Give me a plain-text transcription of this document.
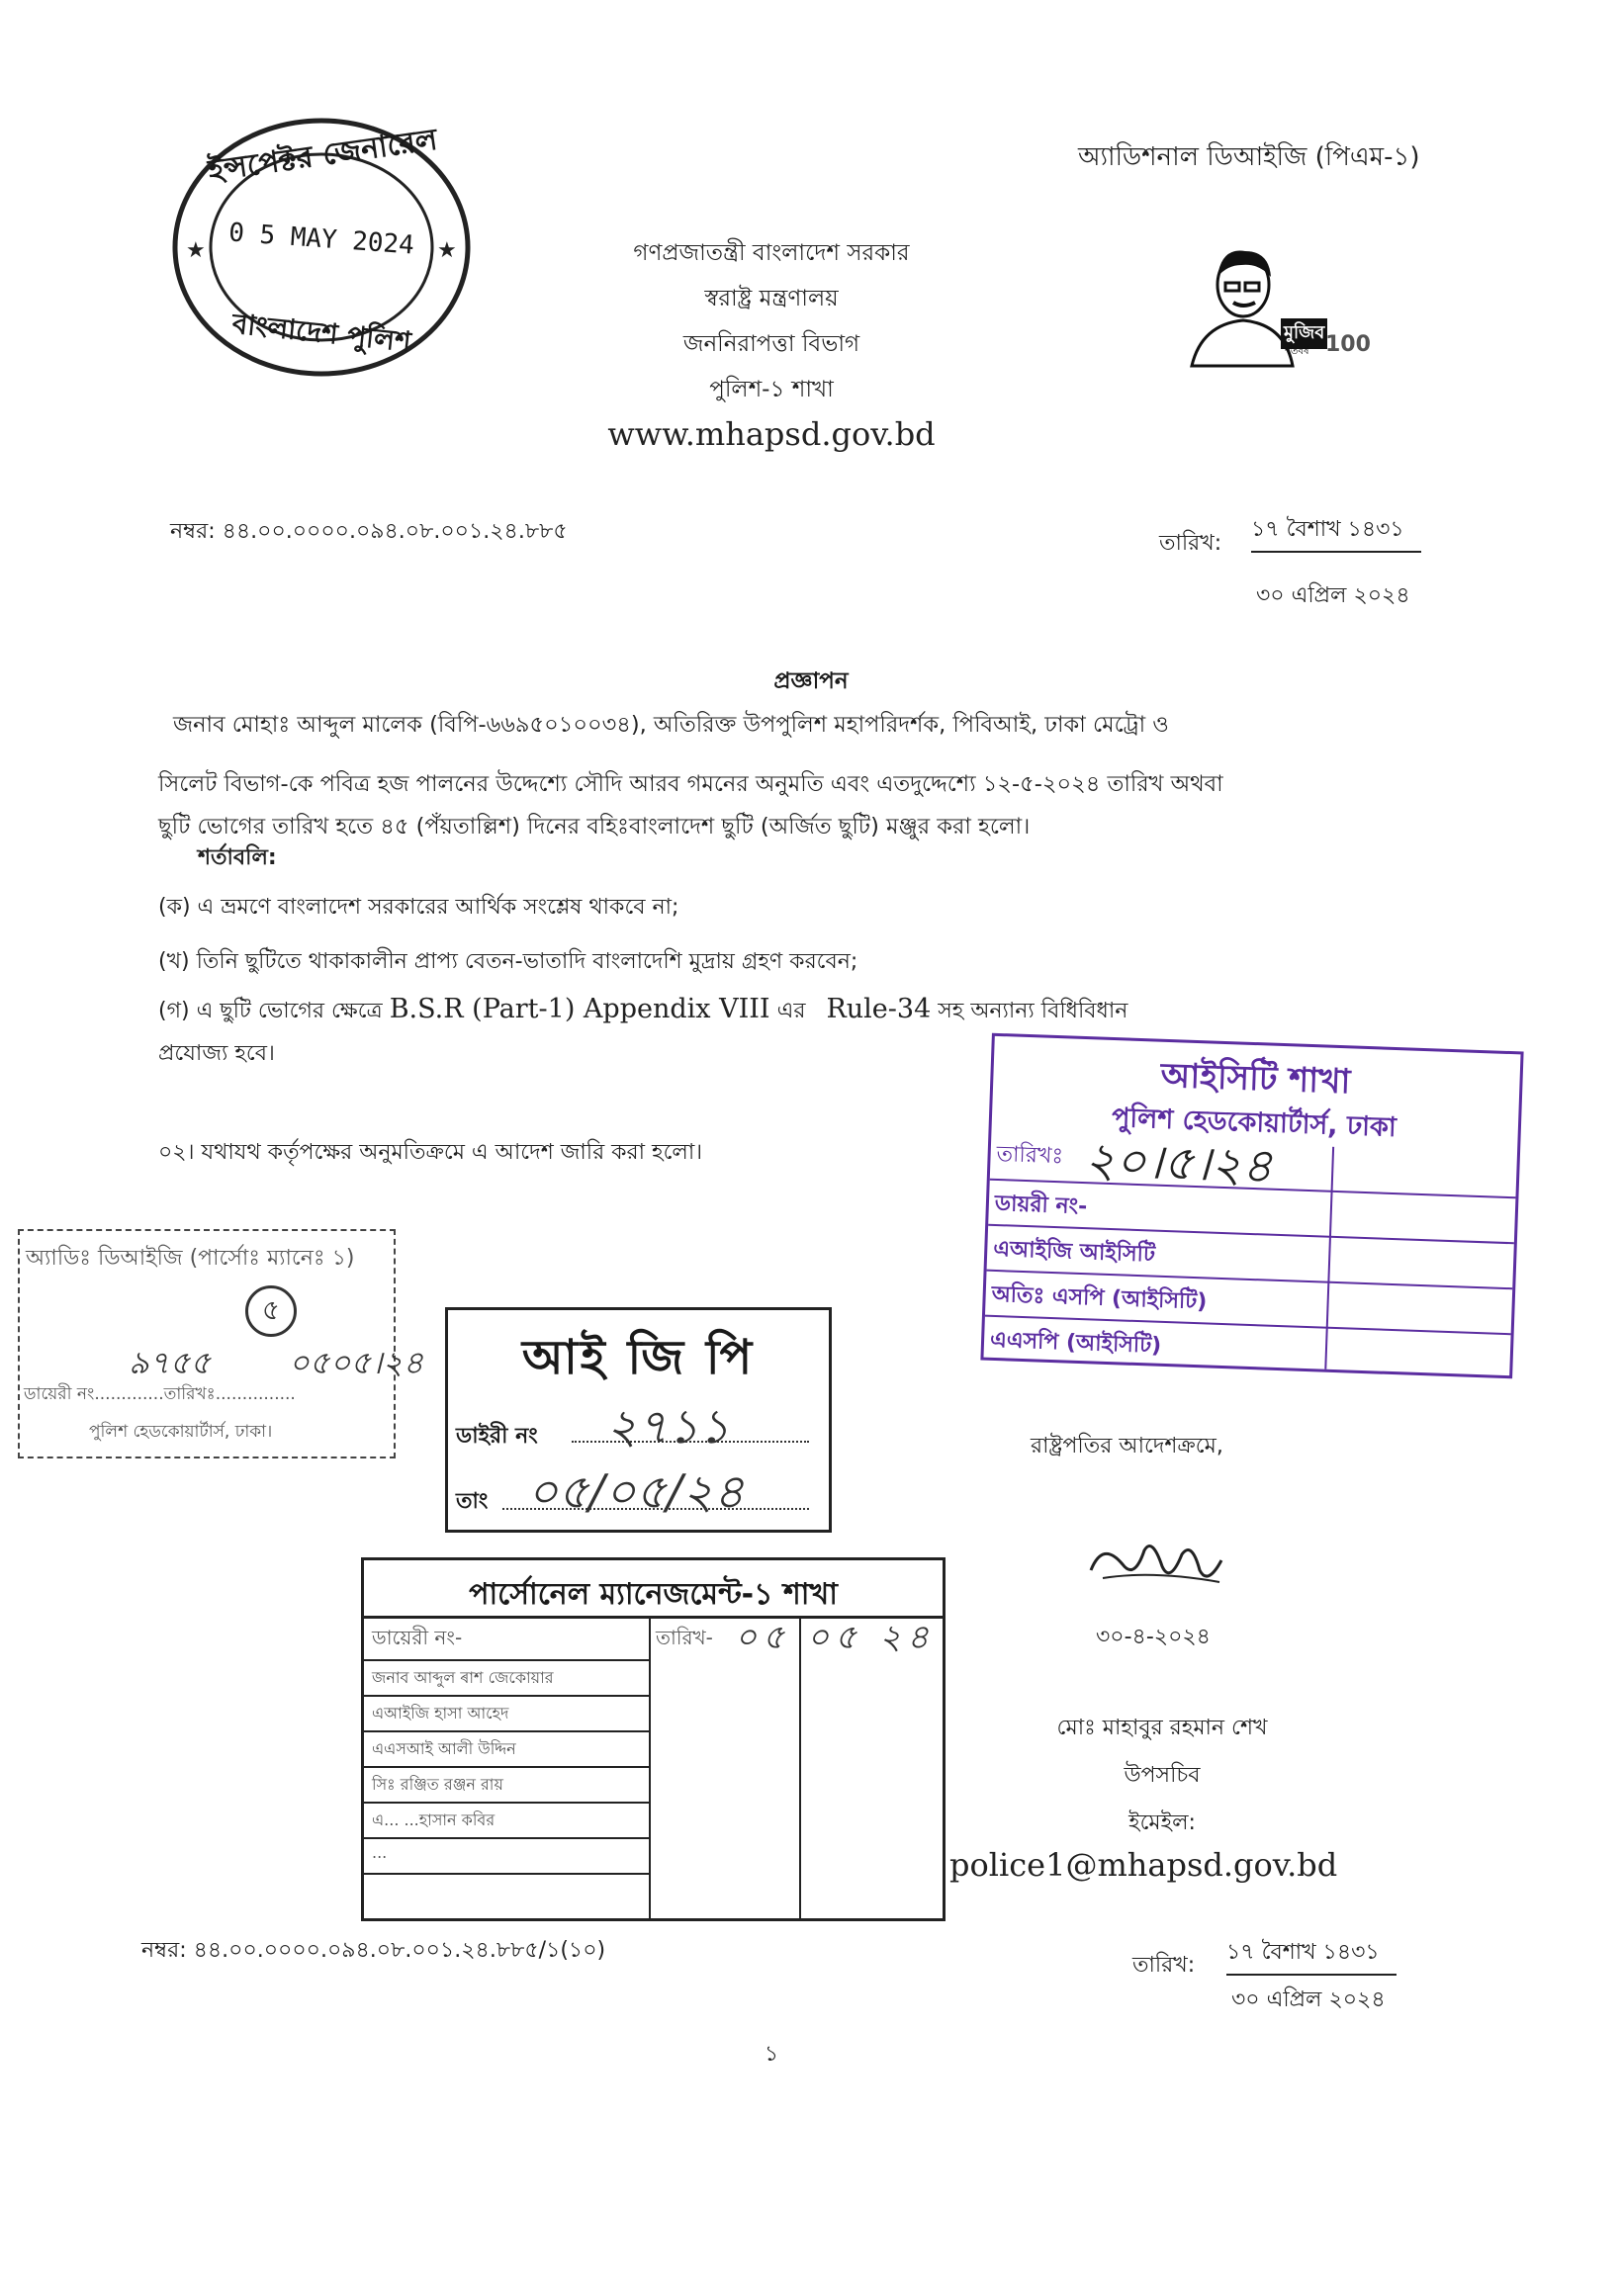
অ্যাডিশনাল ডিআইজি (পিএম-১)
★	★
ইন্সপেক্টর জেনারেল
0 5 MAY 2024
বাংলাদেশ পুলিশ
গণপ্রজাতন্ত্রী বাংলাদেশ সরকার
স্বরাষ্ট্র মন্ত্রণালয়
জননিরাপত্তা বিভাগ
পুলিশ-১ শাখা
www.mhapsd.gov.bd
মুজিব
শতবর্ষ 100
নম্বর: ৪৪.০০.০০০০.০৯৪.০৮.০০১.২৪.৮৮৫	তারিখ:
১৭ বৈশাখ ১৪৩১
৩০ এপ্রিল ২০২৪
প্রজ্ঞাপন
জনাব মোহাঃ আব্দুল মালেক (বিপি-৬৬৯৫০১০০৩৪), অতিরিক্ত উপপুলিশ মহাপরিদর্শক, পিবিআই, ঢাকা মেট্রো ও
সিলেট বিভাগ-কে পবিত্র হজ পালনের উদ্দেশ্যে সৌদি আরব গমনের অনুমতি এবং এতদুদ্দেশ্যে ১২-৫-২০২৪ তারিখ অথবা
ছুটি ভোগের তারিখ হতে ৪৫ (পঁয়তাল্লিশ) দিনের বহিঃবাংলাদেশ ছুটি (অর্জিত ছুটি) মঞ্জুর করা হলো।
শর্তাবলি:
(ক) এ ভ্রমণে বাংলাদেশ সরকারের আর্থিক সংশ্লেষ থাকবে না;
(খ) তিনি ছুটিতে থাকাকালীন প্রাপ্য বেতন-ভাতাদি বাংলাদেশি মুদ্রায় গ্রহণ করবেন;
(গ) এ ছুটি ভোগের ক্ষেত্রে B.S.R (Part-1) Appendix VIII এর Rule-34 সহ অন্যান্য বিধিবিধান
প্রযোজ্য হবে।
০২। যথাযথ কর্তৃপক্ষের অনুমতিক্রমে এ আদেশ জারি করা হলো।
আইসিটি শাখা
পুলিশ হেডকোয়ার্টার্স, ঢাকা
তারিখঃ ২০।৫।২৪
ডায়রী নং-
এআইজি আইসিটি
অতিঃ এসপি (আইসিটি)
এএসপি (আইসিটি)
অ্যাডিঃ ডিআইজি (পার্সোঃ ম্যানেঃ ১)
৫
৯৭৫৫ ০৫০৫।২৪
ডায়েরী নং.............তারিখঃ...............
পুলিশ হেডকোয়ার্টার্স, ঢাকা।
আই জি পি
ডাইরী নং ২৭১১
তাং ০৫/০৫/২৪
রাষ্ট্রপতির আদেশক্রমে,
পার্সোনেল ম্যানেজমেন্ট-১ শাখা
ডায়েরী নং-	তারিখ- ০৫ ০৫ ২৪
জনাব আব্দুল ৰাশ জেকোয়ার
এআইজি হাসা আহেদ
এএসআই আলী উদ্দিন
সিঃ রঞ্জিত রঞ্জন রায়
এ... ...হাসান কবির
...
৩০-৪-২০২৪
মোঃ মাহাবুর রহমান শেখ
উপসচিব
ইমেইল:
police1@mhapsd.gov.bd
নম্বর: ৪৪.০০.০০০০.০৯৪.০৮.০০১.২৪.৮৮৫/১(১০)
তারিখ:
১৭ বৈশাখ ১৪৩১
৩০ এপ্রিল ২০২৪
১
